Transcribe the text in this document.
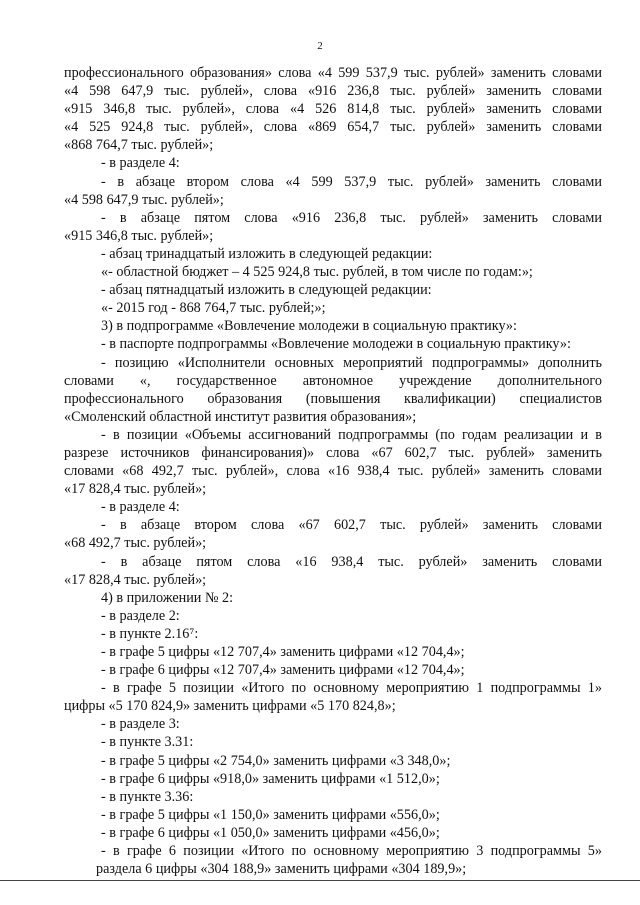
2
профессионального образования» слова «4 599 537,9 тыс. рублей» заменить словами
«4 598 647,9 тыс. рублей», слова «916 236,8 тыс. рублей» заменить словами
«915 346,8 тыс. рублей», слова «4 526 814,8 тыс. рублей» заменить словами
«4 525 924,8 тыс. рублей», слова «869 654,7 тыс. рублей» заменить словами
«868 764,7 тыс. рублей»;
- в разделе 4:
- в абзаце втором слова «4 599 537,9 тыс. рублей» заменить словами
«4 598 647,9 тыс. рублей»;
- в абзаце пятом слова «916 236,8 тыс. рублей» заменить словами
«915 346,8 тыс. рублей»;
- абзац тринадцатый изложить в следующей редакции:
«- областной бюджет – 4 525 924,8 тыс. рублей, в том числе по годам:»;
- абзац пятнадцатый изложить в следующей редакции:
«- 2015 год - 868 764,7 тыс. рублей;»;
3) в подпрограмме «Вовлечение молодежи в социальную практику»:
- в паспорте подпрограммы «Вовлечение молодежи в социальную практику»:
- позицию «Исполнители основных мероприятий подпрограммы» дополнить
словами «, государственное автономное учреждение дополнительного
профессионального образования (повышения квалификации) специалистов
«Смоленский областной институт развития образования»;
- в позиции «Объемы ассигнований подпрограммы (по годам реализации и в
разрезе источников финансирования)» слова «67 602,7 тыс. рублей» заменить
словами «68 492,7 тыс. рублей», слова «16 938,4 тыс. рублей» заменить словами
«17 828,4 тыс. рублей»;
- в разделе 4:
- в абзаце втором слова «67 602,7 тыс. рублей» заменить словами
«68 492,7 тыс. рублей»;
- в абзаце пятом слова «16 938,4 тыс. рублей» заменить словами
«17 828,4 тыс. рублей»;
4) в приложении № 2:
- в разделе 2:
- в пункте 2.16⁷:
- в графе 5 цифры «12 707,4» заменить цифрами «12 704,4»;
- в графе 6 цифры «12 707,4» заменить цифрами «12 704,4»;
- в графе 5 позиции «Итого по основному мероприятию 1 подпрограммы 1»
цифры «5 170 824,9» заменить цифрами «5 170 824,8»;
- в разделе 3:
- в пункте 3.31:
- в графе 5 цифры «2 754,0» заменить цифрами «3 348,0»;
- в графе 6 цифры «918,0» заменить цифрами «1 512,0»;
- в пункте 3.36:
- в графе 5 цифры «1 150,0» заменить цифрами «556,0»;
- в графе 6 цифры «1 050,0» заменить цифрами «456,0»;
- в графе 6 позиции «Итого по основному мероприятию 3 подпрограммы 5»
раздела 6 цифры «304 188,9» заменить цифрами «304 189,9»;
